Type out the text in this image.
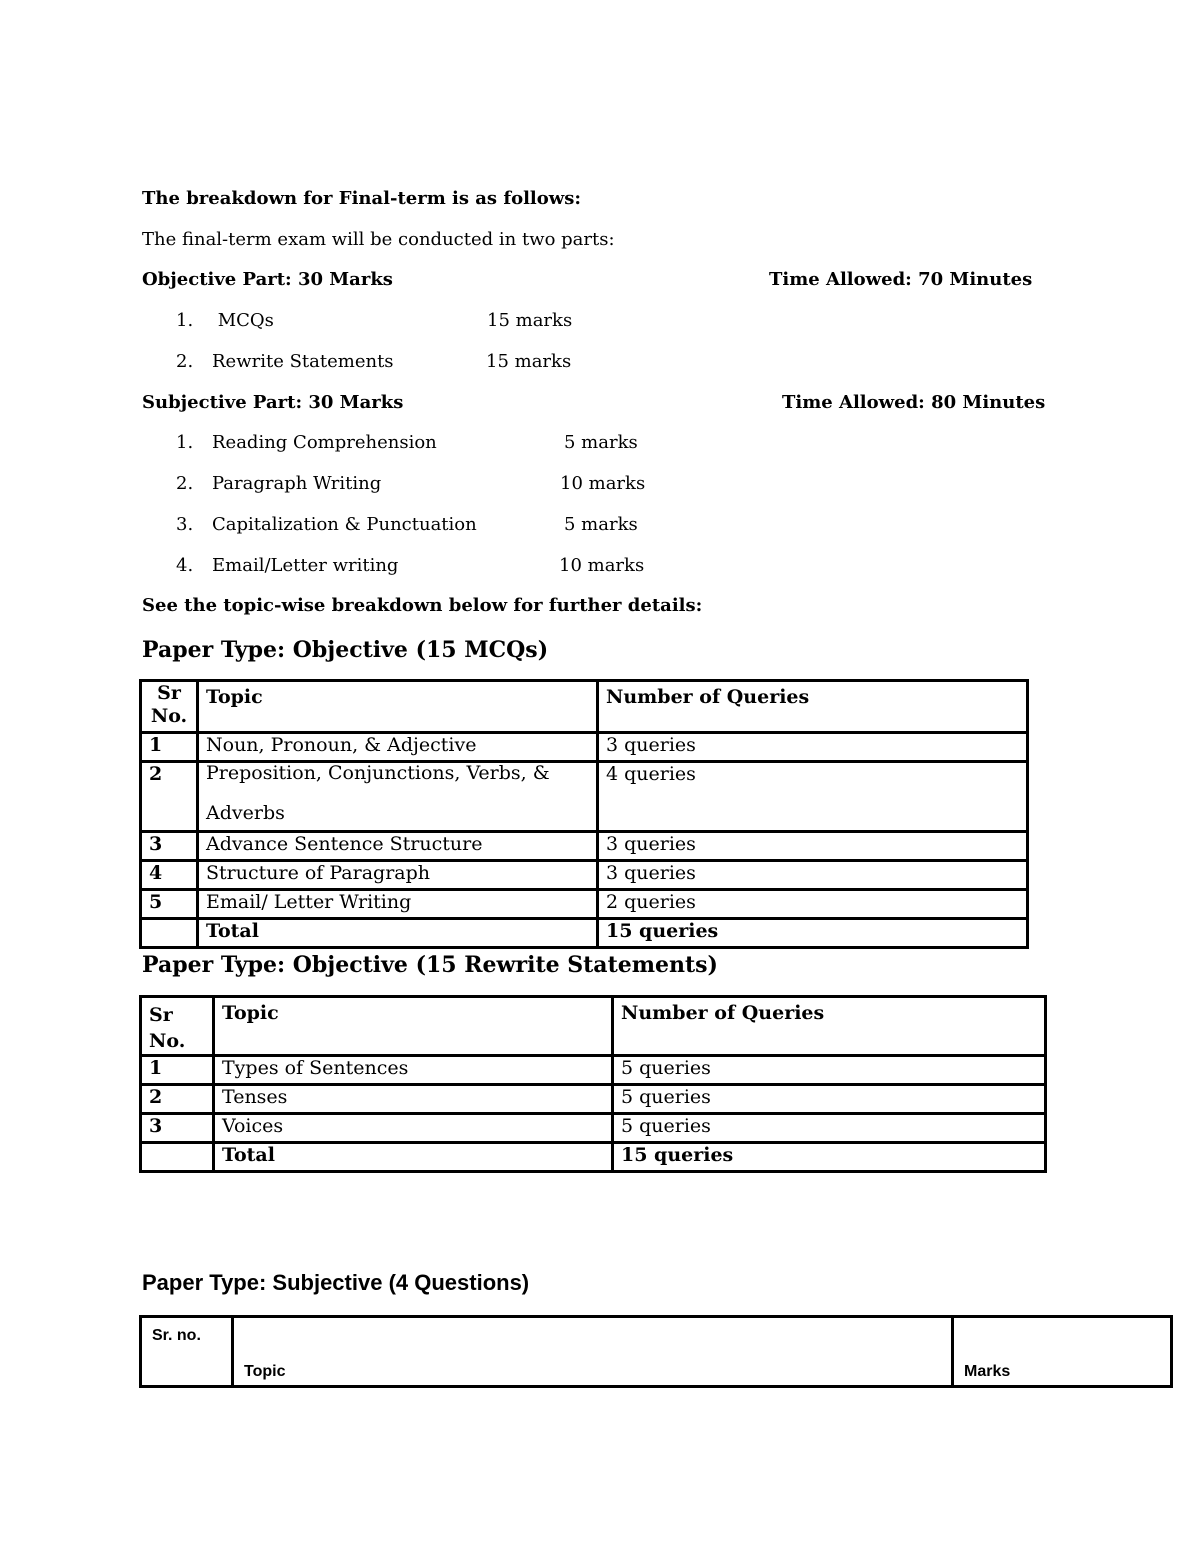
The breakdown for Final-term is as follows:
The final-term exam will be conducted in two parts:
Objective Part: 30 Marks	Time Allowed: 70 Minutes
1. MCQs	15 marks
2. Rewrite Statements	15 marks
Subjective Part: 30 Marks	Time Allowed: 80 Minutes
1. Reading Comprehension	5 marks
2. Paragraph Writing	10 marks
3. Capitalization & Punctuation	5 marks
4. Email/Letter writing	10 marks
See the topic-wise breakdown below for further details:
Paper Type: Objective (15 MCQs)
Sr
No.	Topic	Number of Queries
1	Noun, Pronoun, & Adjective	3 queries
2	Preposition, Conjunctions, Verbs, &

Adverbs	4 queries
3	Advance Sentence Structure	3 queries
4	Structure of Paragraph	3 queries
5	Email/ Letter Writing	2 queries
	Total	15 queries
Paper Type: Objective (15 Rewrite Statements)
Sr
No.	Topic	Number of Queries
1	Types of Sentences	5 queries
2	Tenses	5 queries
3	Voices	5 queries
	Total	15 queries
Paper Type: Subjective (4 Questions)
Sr. no.	Topic	Marks
